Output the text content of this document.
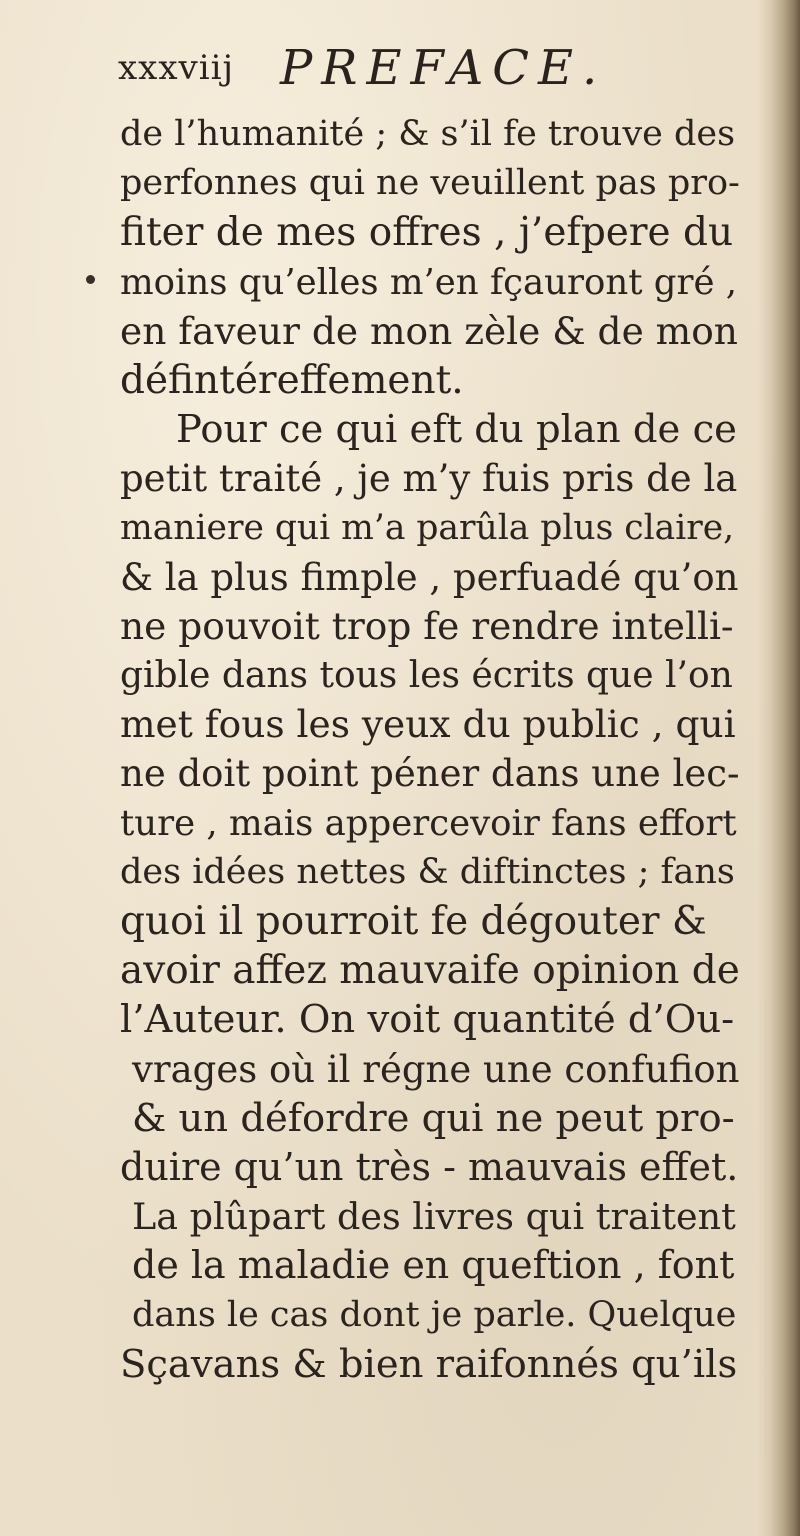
xxxviij PREFACE.
de l’humanité ; & s’il fe trouve des
perfonnes qui ne veuillent pas pro-
fiter de mes offres , j’efpere du
moins qu’elles m’en fçauront gré ,
en faveur de mon zèle & de mon
défintéreffement.
Pour ce qui eft du plan de ce
petit traité , je m’y fuis pris de la
maniere qui m’a parûla plus claire,
& la plus fimple , perfuadé qu’on
ne pouvoit trop fe rendre intelli-
gible dans tous les écrits que l’on
met fous les yeux du public , qui
ne doit point péner dans une lec-
ture , mais appercevoir fans effort
des idées nettes & diftinctes ; fans
quoi il pourroit fe dégouter &
avoir affez mauvaife opinion de
l’Auteur. On voit quantité d’Ou-
vrages où il régne une confufion
& un défordre qui ne peut pro-
duire qu’un très - mauvais effet.
La plûpart des livres qui traitent
de la maladie en queftion , font
dans le cas dont je parle. Quelque
Sçavans & bien raifonnés qu’ils
